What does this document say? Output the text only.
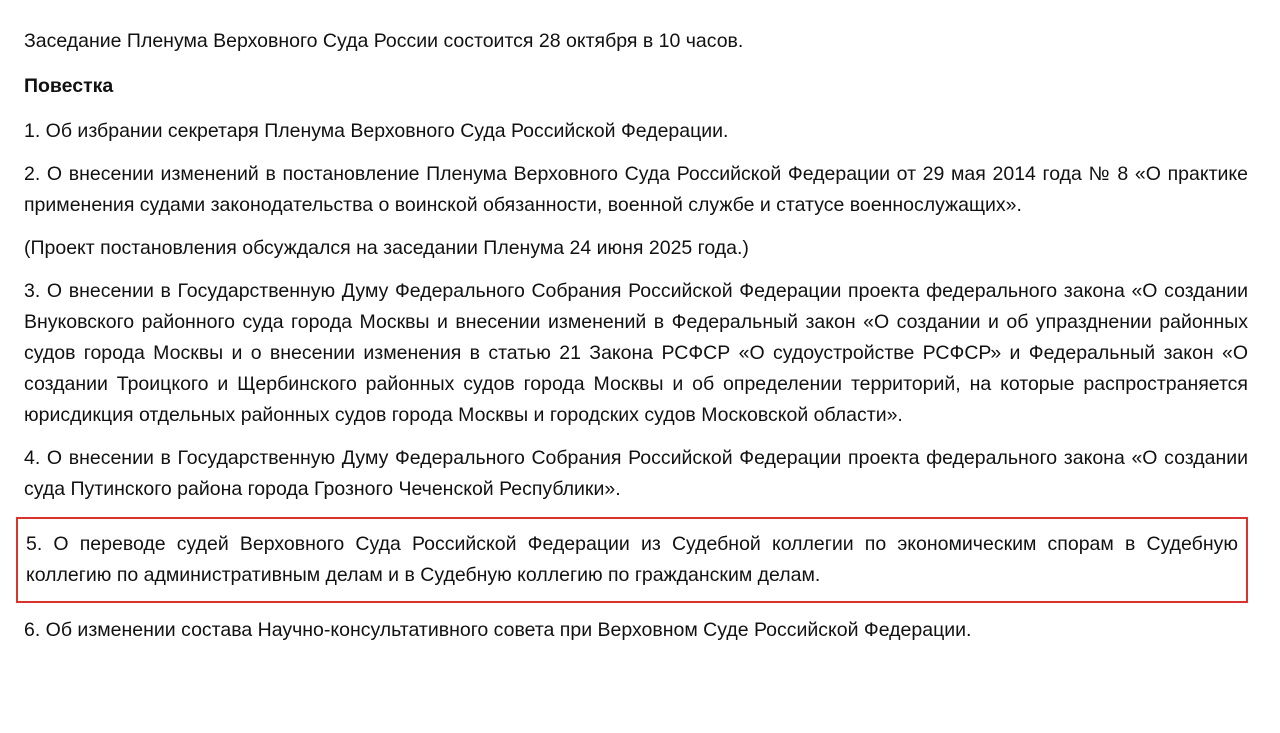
Заседание Пленума Верховного Суда России состоится 28 октября в 10 часов.

Повестка

1. Об избрании секретаря Пленума Верховного Суда Российской Федерации.

2. О внесении изменений в постановление Пленума Верховного Суда Российской Федерации от 29 мая 2014 года № 8 «О практике применения судами законодательства о воинской обязанности, военной службе и статусе военнослужащих».

(Проект постановления обсуждался на заседании Пленума 24 июня 2025 года.)

3. О внесении в Государственную Думу Федерального Собрания Российской Федерации проекта федерального закона «О создании Внуковского районного суда города Москвы и внесении изменений в Федеральный закон «О создании и об упразднении районных судов города Москвы и о внесении изменения в статью 21 Закона РСФСР «О судоустройстве РСФСР» и Федеральный закон «О создании Троицкого и Щербинского районных судов города Москвы и об определении территорий, на которые распространяется юрисдикция отдельных районных судов города Москвы и городских судов Московской области».

4. О внесении в Государственную Думу Федерального Собрания Российской Федерации проекта федерального закона «О создании суда Путинского района города Грозного Чеченской Республики».

5. О переводе судей Верховного Суда Российской Федерации из Судебной коллегии по экономическим спорам в Судебную коллегию по административным делам и в Судебную коллегию по гражданским делам.

6. Об изменении состава Научно-консультативного совета при Верховном Суде Российской Федерации.
